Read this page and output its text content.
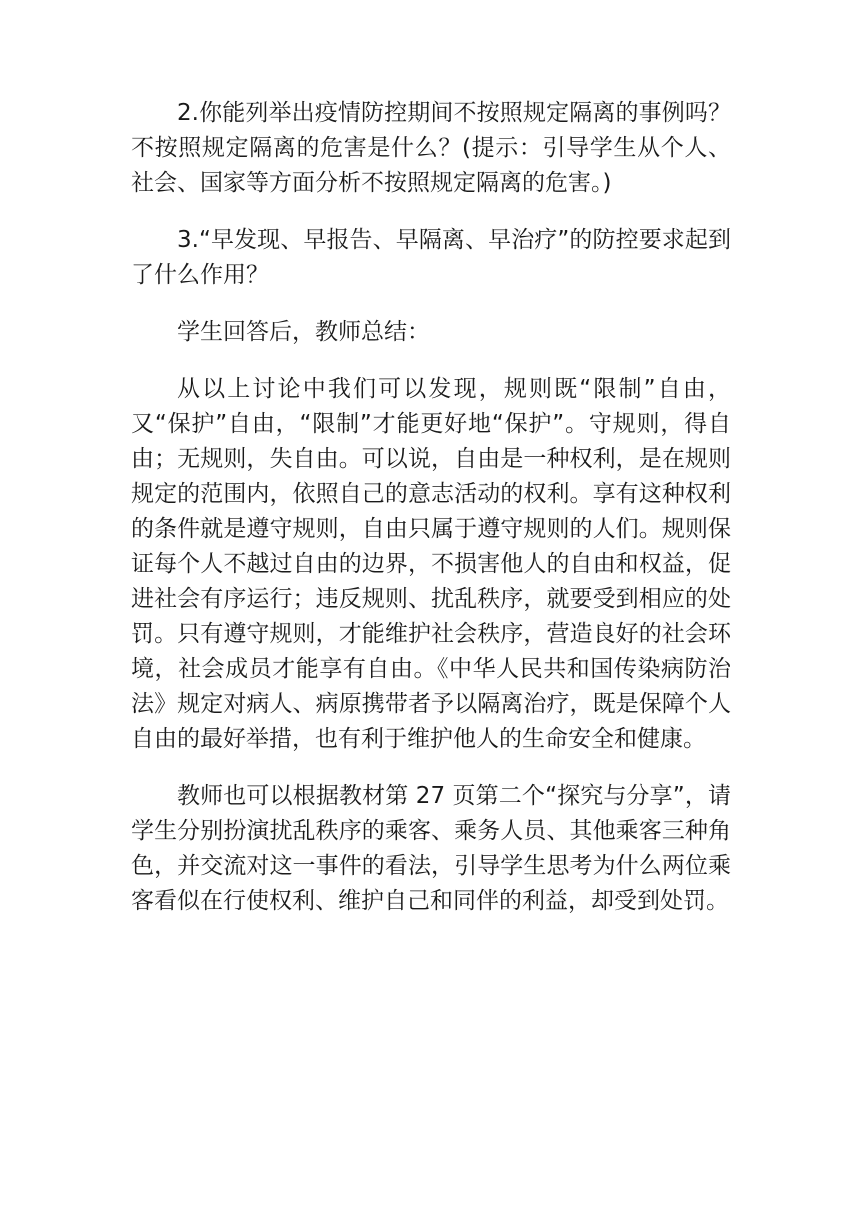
2.你能列举出疫情防控期间不按照规定隔离的事例吗？不按照规定隔离的危害是什么？(提示：引导学生从个人、社会、国家等方面分析不按照规定隔离的危害。)

3.“早发现、早报告、早隔离、早治疗”的防控要求起到了什么作用？

学生回答后，教师总结：

从以上讨论中我们可以发现，规则既“限制”自由，又“保护”自由，“限制”才能更好地“保护”。守规则，得自由；无规则，失自由。可以说，自由是一种权利，是在规则规定的范围内，依照自己的意志活动的权利。享有这种权利的条件就是遵守规则，自由只属于遵守规则的人们。规则保证每个人不越过自由的边界，不损害他人的自由和权益，促进社会有序运行；违反规则、扰乱秩序，就要受到相应的处罚。只有遵守规则，才能维护社会秩序，营造良好的社会环境，社会成员才能享有自由。《中华人民共和国传染病防治法》规定对病人、病原携带者予以隔离治疗，既是保障个人自由的最好举措，也有利于维护他人的生命安全和健康。

教师也可以根据教材第 27 页第二个“探究与分享”，请学生分别扮演扰乱秩序的乘客、乘务人员、其他乘客三种角色，并交流对这一事件的看法，引导学生思考为什么两位乘客看似在行使权利、维护自己和同伴的利益，却受到处罚。
